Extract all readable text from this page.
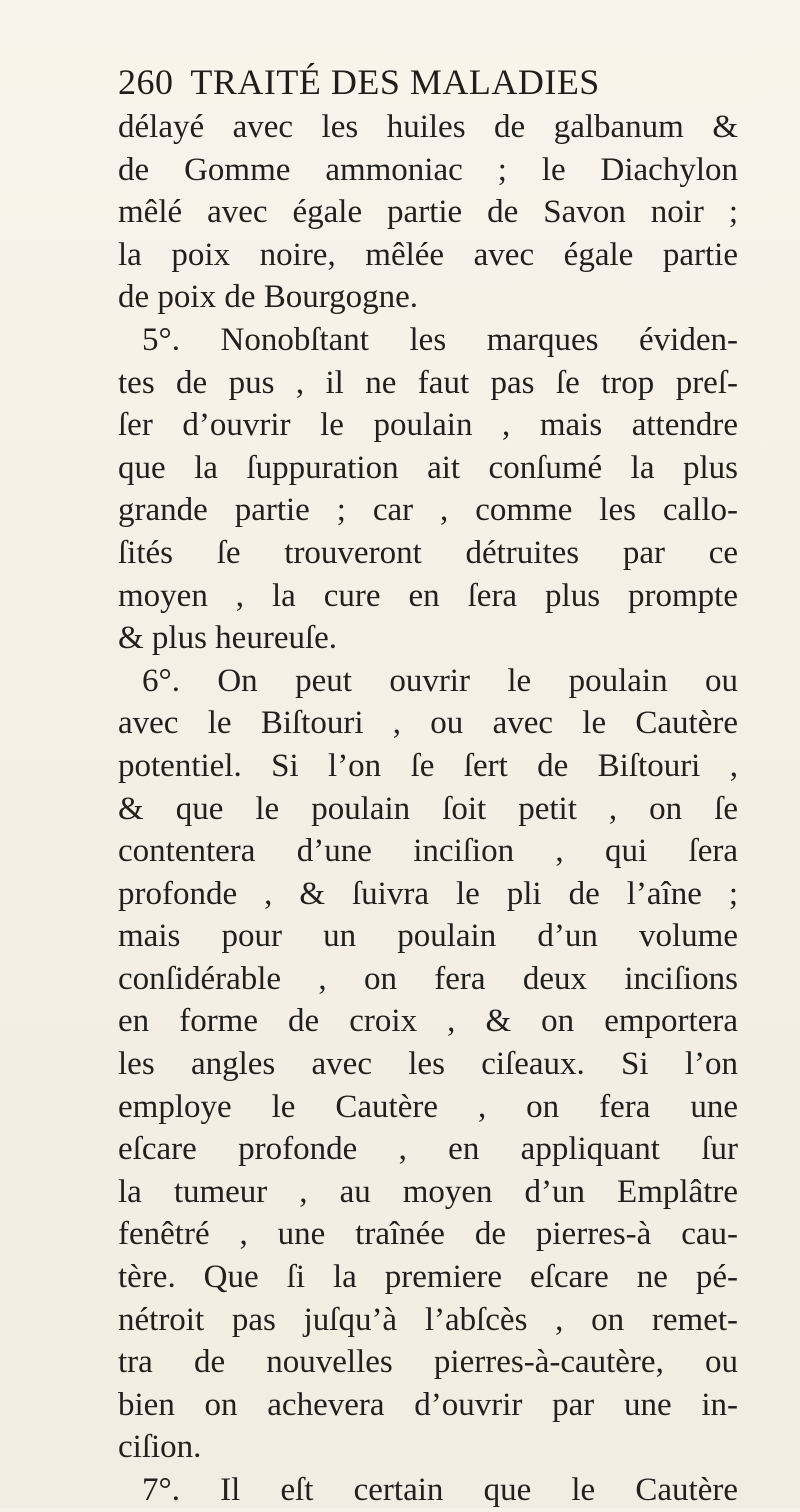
260 TRAITÉ DES MALADIES
délayé avec les huiles de galbanum &
de Gomme ammoniac ; le Diachylon
mêlé avec égale partie de Savon noir ;
la poix noire, mêlée avec égale partie
de poix de Bourgogne.
5°. Nonobſtant les marques éviden-
tes de pus , il ne faut pas ſe trop preſ-
ſer d’ouvrir le poulain , mais attendre
que la ſuppuration ait conſumé la plus
grande partie ; car , comme les callo-
ſités ſe trouveront détruites par ce
moyen , la cure en ſera plus prompte
& plus heureuſe.
6°. On peut ouvrir le poulain ou
avec le Biſtouri , ou avec le Cautère
potentiel. Si l’on ſe ſert de Biſtouri ,
& que le poulain ſoit petit , on ſe
contentera d’une inciſion , qui ſera
profonde , & ſuivra le pli de l’aîne ;
mais pour un poulain d’un volume
conſidérable , on fera deux inciſions
en forme de croix , & on emportera
les angles avec les ciſeaux. Si l’on
employe le Cautère , on fera une
eſcare profonde , en appliquant ſur
la tumeur , au moyen d’un Emplâtre
fenêtré , une traînée de pierres-à cau-
tère. Que ſi la premiere eſcare ne pé-
nétroit pas juſqu’à l’abſcès , on remet-
tra de nouvelles pierres-à-cautère, ou
bien on achevera d’ouvrir par une in-
ciſion.
7°. Il eſt certain que le Cautère
